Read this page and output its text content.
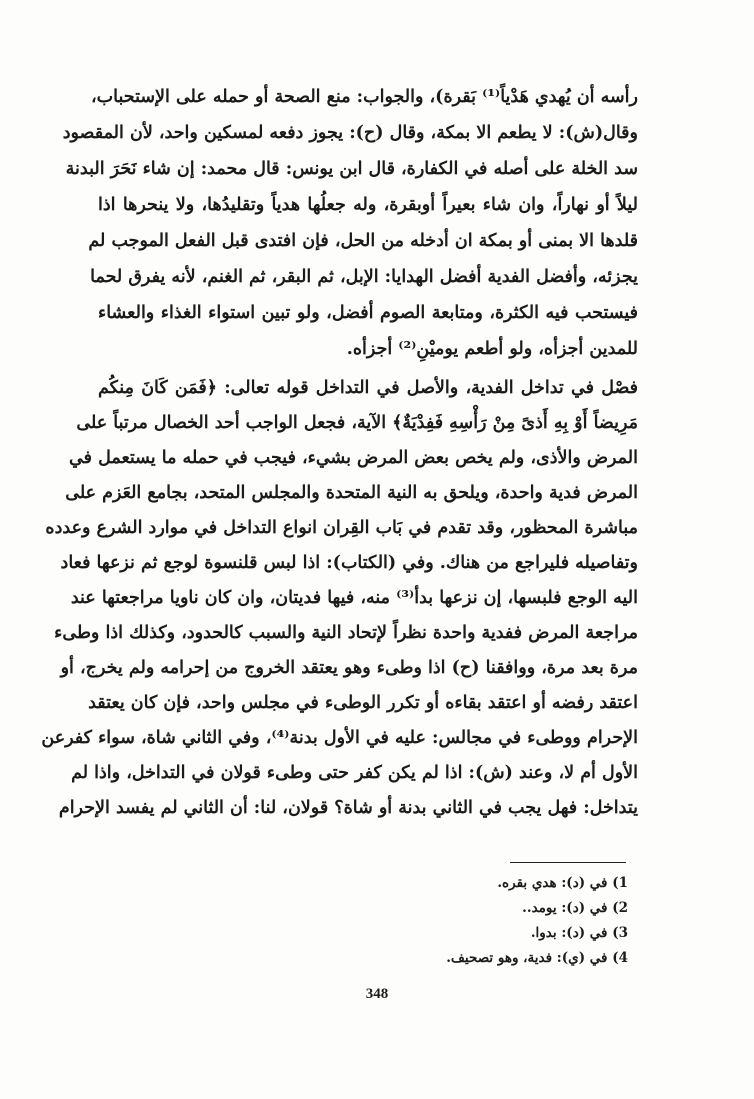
رأسه أن يُهدي هَدْياً⁽¹⁾ بَقرة)، والجواب: منع الصحة أو حمله على الإستحباب،
وقال(ش): لا يطعم الا بمكة، وقال (ح): يجوز دفعه لمسكين واحد، لأن المقصود
سد الخلة على أصله في الكفارة، قال ابن يونس: قال محمد: إن شاء نَحَرَ البدنة
ليلاً أو نهاراً، وان شاء بعيراً أوبقرة، وله جعلُها هدياً وتقليدُها، ولا ينحرها اذا
قلدها الا بمنى أو بمكة ان أدخله من الحل، فإن افتدى قبل الفعل الموجب لم
يجزئه، وأفضل الفدية أفضل الهدايا: الإبل، ثم البقر، ثم الغنم، لأنه يفرق لحما
فيستحب فيه الكثرة، ومتابعة الصوم أفضل، ولو تبين استواء الغذاء والعشاء
للمدين أجزأه، ولو أطعم يوميْنِ⁽²⁾ أجزأه.
فصْل في تداخل الفدية، والأصل في التداخل قوله تعالى: ﴿فَمَن كَانَ مِنكُم
مَرِيضاً أَوْ بِهِ أَذىً مِنْ رَأْسِهِ فَفِدْيَةٌ﴾ الآية، فجعل الواجب أحد الخصال مرتباً على
المرض والأذى، ولم يخص بعض المرض بشيء، فيجب في حمله ما يستعمل في
المرض فدية واحدة، ويلحق به النية المتحدة والمجلس المتحد، بجامع العَزم على
مباشرة المحظور، وقد تقدم في بَاب القِران انواع التداخل في موارد الشرع وعدده
وتفاصيله فليراجع من هناك. وفي (الكتاب): اذا لبس قلنسوة لوجع ثم نزعها فعاد
اليه الوجع فلبسها، إن نزعها بدأ⁽³⁾ منه، فيها فديتان، وان كان ناويا مراجعتها عند
مراجعة المرض ففدية واحدة نظراً لإتحاد النية والسبب كالحدود، وكذلك اذا وطىء
مرة بعد مرة، ووافقنا (ح) اذا وطىء وهو يعتقد الخروج من إحرامه ولم يخرج، أو
اعتقد رفضه أو اعتقد بقاءه أو تكرر الوطىء في مجلس واحد، فإن كان يعتقد
الإحرام ووطىء في مجالس: عليه في الأول بدنة⁽⁴⁾، وفي الثاني شاة، سواء كفرعن
الأول أم لا، وعند (ش): اذا لم يكن كفر حتى وطىء قولان في التداخل، واذا لم
يتداخل: فهل يجب في الثاني بدنة أو شاة؟ قولان، لنا: أن الثاني لم يفسد الإحرام
1) في (د): هدي بقره.
2) في (د): يومد..
3) في (د): بدوا.
4) في (ي): فدية، وهو تصحيف.
348
